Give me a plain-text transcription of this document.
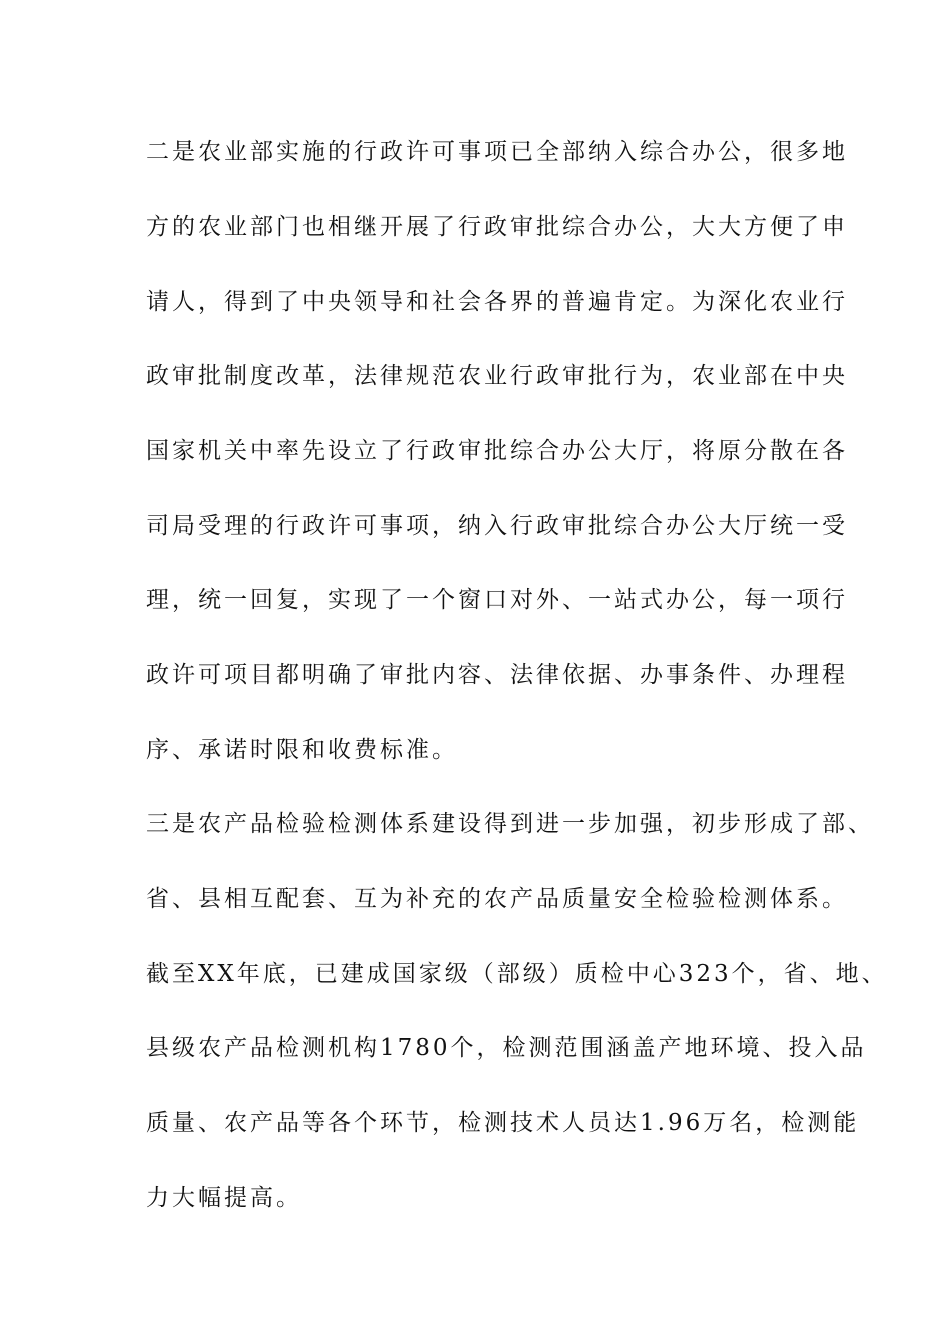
二是农业部实施的行政许可事项已全部纳入综合办公，很多地
方的农业部门也相继开展了行政审批综合办公，大大方便了申
请人，得到了中央领导和社会各界的普遍肯定。为深化农业行
政审批制度改革，法律规范农业行政审批行为，农业部在中央
国家机关中率先设立了行政审批综合办公大厅，将原分散在各
司局受理的行政许可事项，纳入行政审批综合办公大厅统一受
理，统一回复，实现了一个窗口对外、一站式办公，每一项行
政许可项目都明确了审批内容、法律依据、办事条件、办理程
序、承诺时限和收费标准。
三是农产品检验检测体系建设得到进一步加强，初步形成了部、
省、县相互配套、互为补充的农产品质量安全检验检测体系。
截至XX年底，已建成国家级（部级）质检中心323个，省、地、
县级农产品检测机构1780个，检测范围涵盖产地环境、投入品
质量、农产品等各个环节，检测技术人员达1.96万名，检测能
力大幅提高。
